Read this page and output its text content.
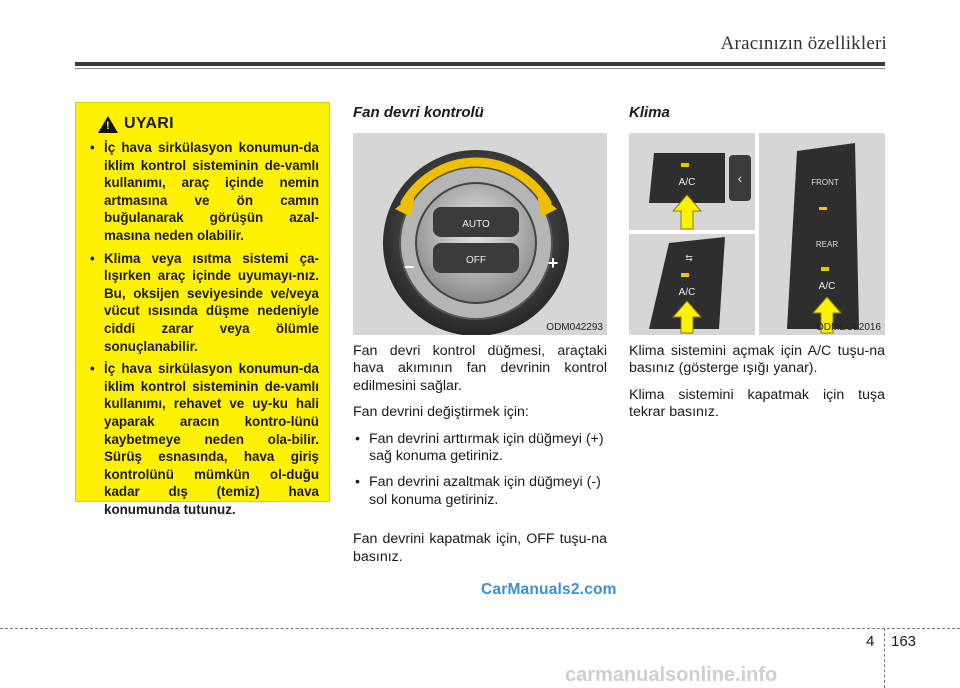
Aracınızın özellikleri
! UYARI
• İç hava sirkülasyon konumun-da iklim kontrol sisteminin de-vamlı kullanımı, araç içinde nemin artmasına ve ön camın buğulanarak görüşün azal-masına neden olabilir.
• Klima veya ısıtma sistemi ça-lışırken araç içinde uyumayı-nız. Bu, oksijen seviyesinde ve/veya vücut ısısında düşme nedeniyle ciddi zarar veya ölümle sonuçlanabilir.
• İç hava sirkülasyon konumun-da iklim kontrol sisteminin de-vamlı kullanımı, rehavet ve uy-ku hali yaparak aracın kontro-lünü kaybetmeye neden ola-bilir. Sürüş esnasında, hava giriş kontrolünü mümkün ol-duğu kadar dış (temiz) hava konumunda tutunuz.
Fan devri kontrolü
AUTO
OFF
−	+
ODM042293

Fan devri kontrol düğmesi, araçtaki hava akımının fan devrinin kontrol edilmesini sağlar.

Fan devrini değiştirmek için:

• Fan devrini arttırmak için düğmeyi (+) sağ konuma getiriniz.
• Fan devrini azaltmak için düğmeyi (-) sol konuma getiriniz.

Fan devrini kapatmak için, OFF tuşu-na basınız.

Klima
‹
A/C
⇆
A/C
FRONT
REAR
A/C
ODMECL2016

Klima sistemini açmak için A/C tuşu-na basınız (gösterge ışığı yanar).

Klima sistemini kapatmak için tuşa tekrar basınız.

CarManuals2.com
4 163
carmanualsonline.info
